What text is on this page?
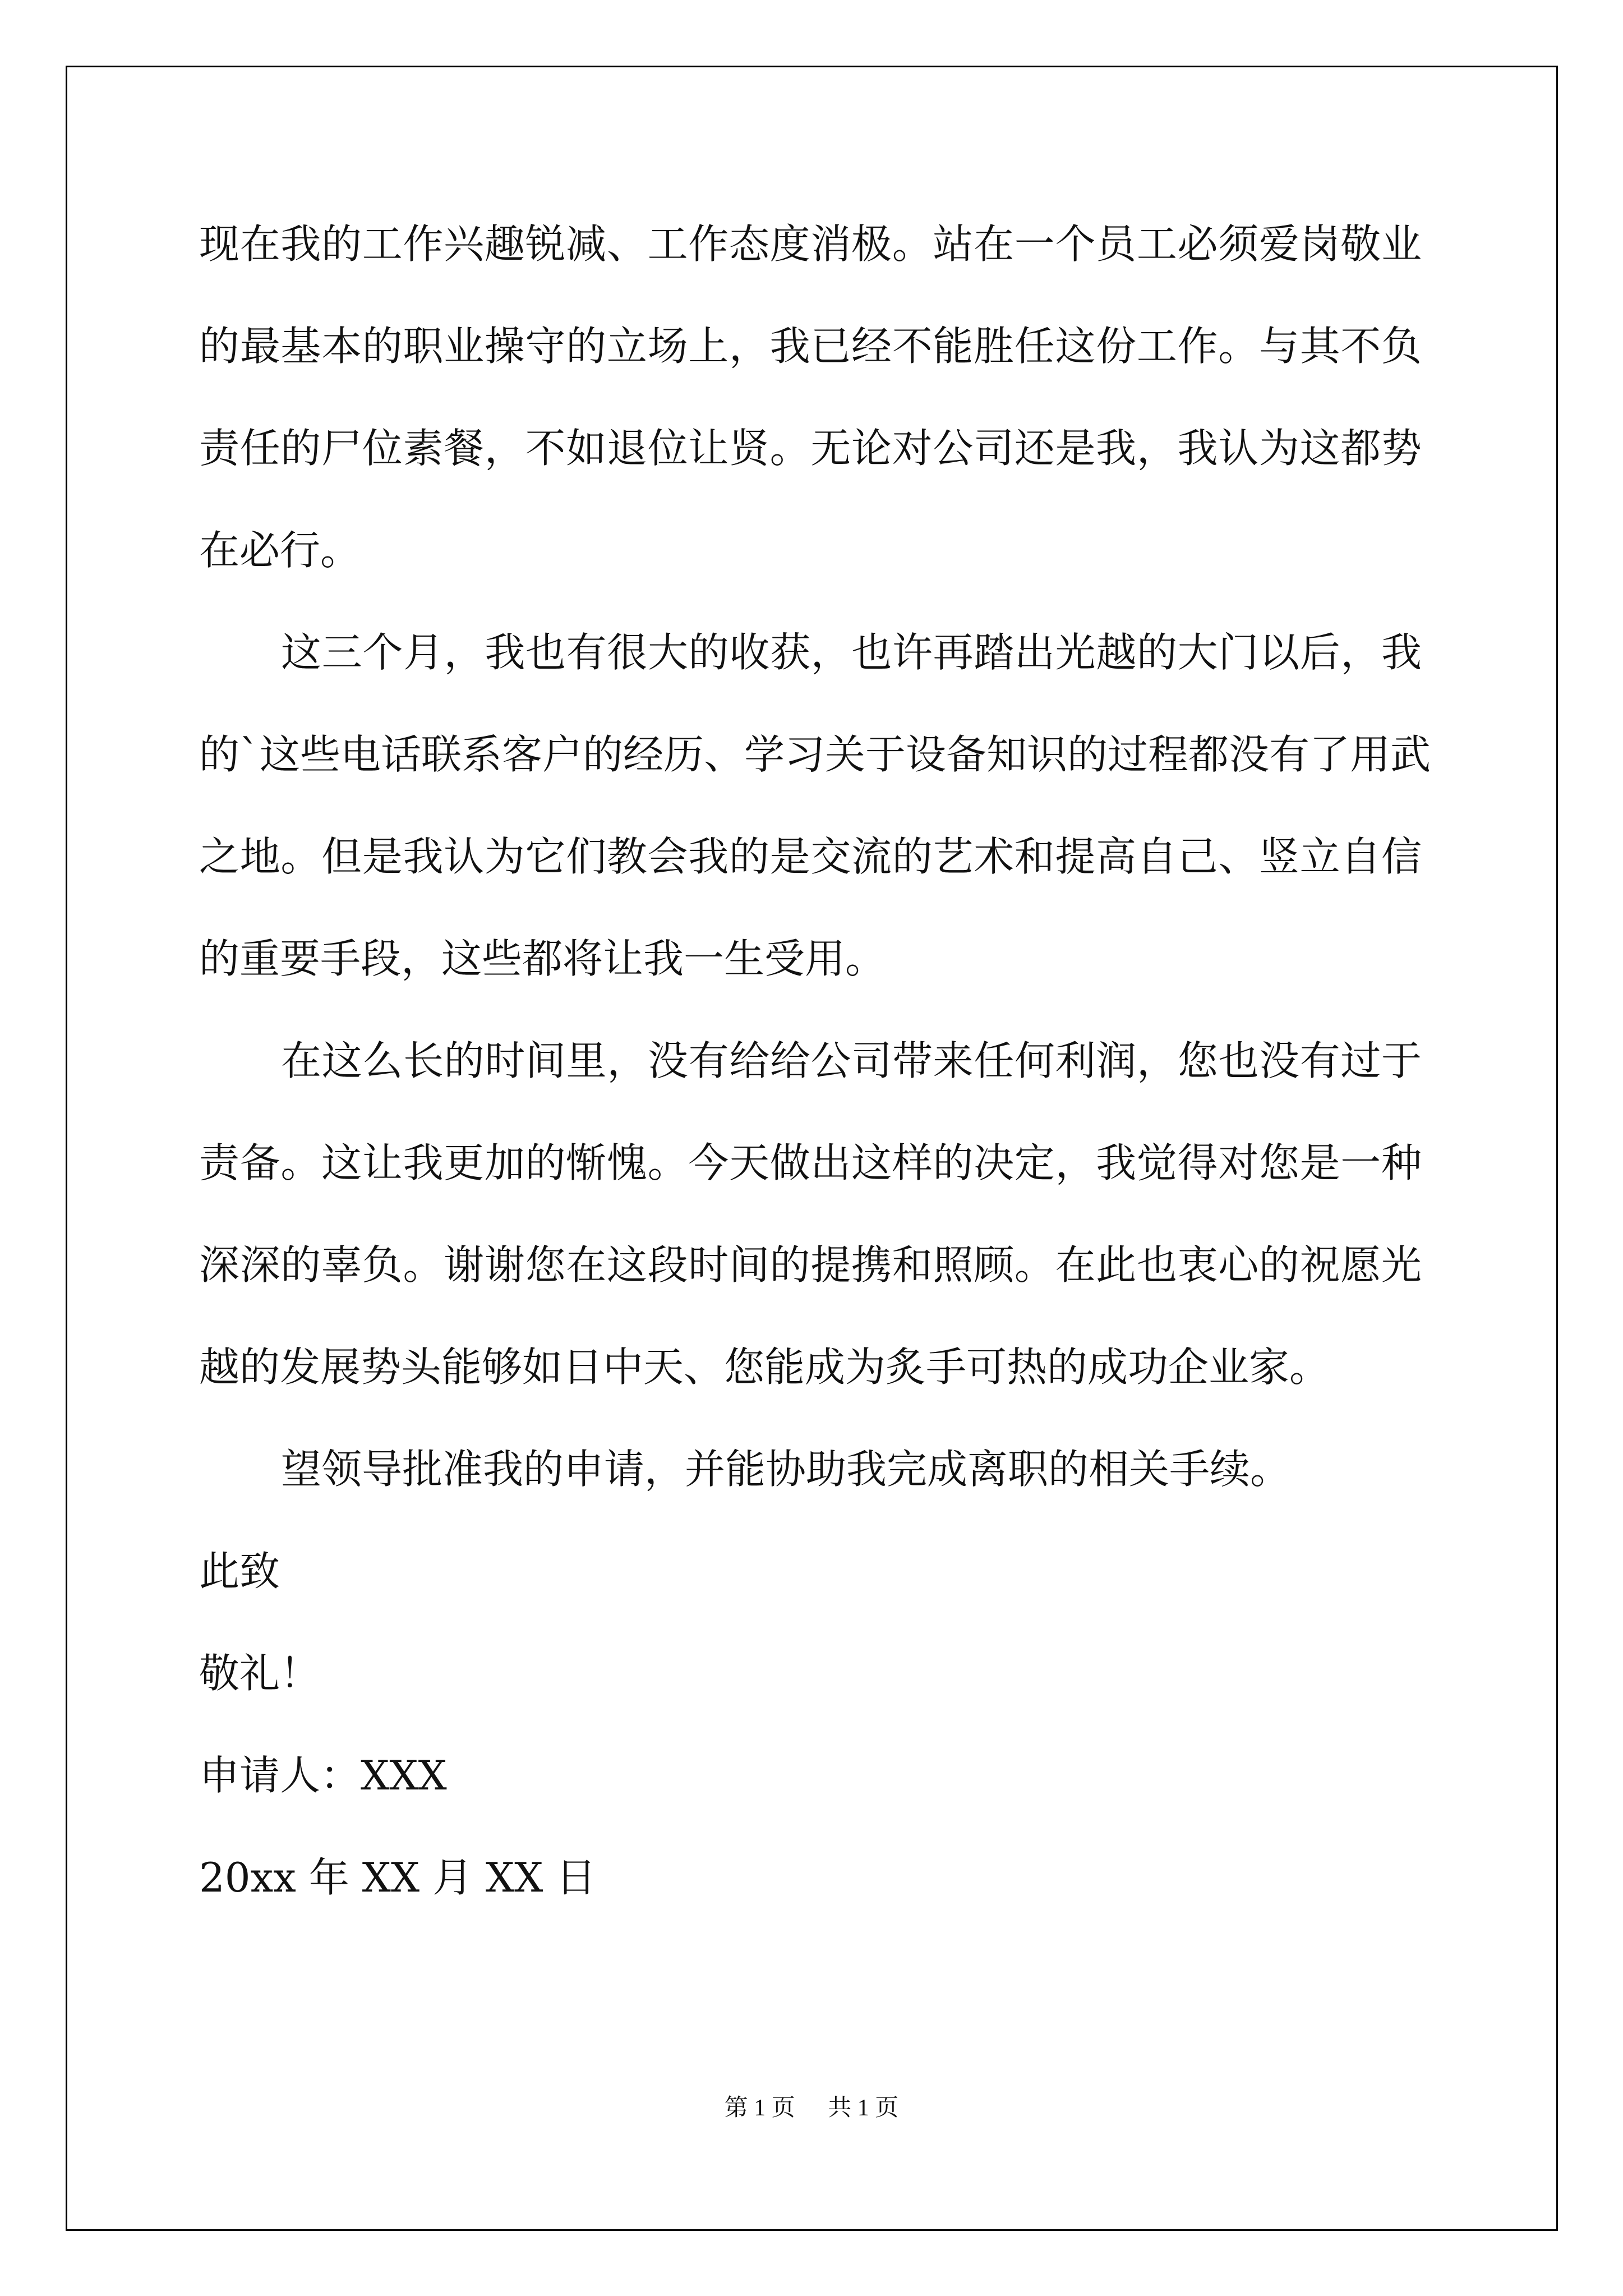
现在我的工作兴趣锐减、工作态度消极。站在一个员工必须爱岗敬业
的最基本的职业操守的立场上，我已经不能胜任这份工作。与其不负
责任的尸位素餐，不如退位让贤。无论对公司还是我，我认为这都势
在必行。
这三个月，我也有很大的收获，也许再踏出光越的大门以后，我
的`这些电话联系客户的经历、学习关于设备知识的过程都没有了用武
之地。但是我认为它们教会我的是交流的艺术和提高自己、竖立自信
的重要手段，这些都将让我一生受用。
在这么长的时间里，没有给给公司带来任何利润，您也没有过于
责备。这让我更加的惭愧。今天做出这样的决定，我觉得对您是一种
深深的辜负。谢谢您在这段时间的提携和照顾。在此也衷心的祝愿光
越的发展势头能够如日中天、您能成为炙手可热的成功企业家。
望领导批准我的申请，并能协助我完成离职的相关手续。
此致
敬礼！
申请人：XXX
20xx 年 XX 月 XX 日
第 1 页 共 1 页
